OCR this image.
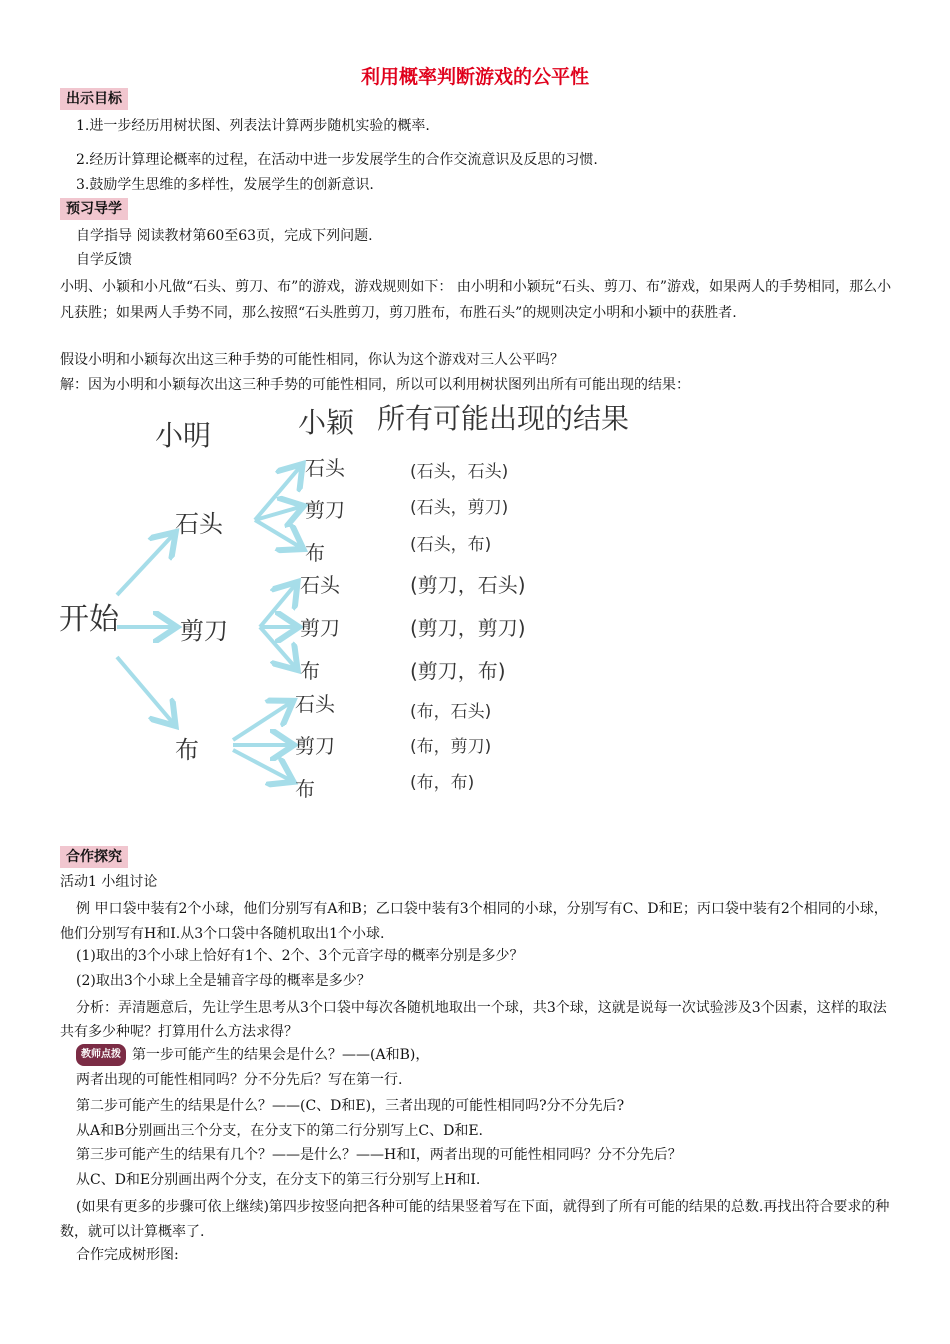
利用概率判断游戏的公平性
出示目标
1.进一步经历用树状图、列表法计算两步随机实验的概率.
2.经历计算理论概率的过程，在活动中进一步发展学生的合作交流意识及反思的习惯.
3.鼓励学生思维的多样性，发展学生的创新意识.
预习导学
自学指导 阅读教材第60至63页，完成下列问题.
自学反馈
小明、小颖和小凡做“石头、剪刀、布”的游戏，游戏规则如下： 由小明和小颖玩“石头、剪刀、布”游戏，如果两人的手势相同，那么小凡获胜；如果两人手势不同，那么按照“石头胜剪刀，剪刀胜布，布胜石头”的规则决定小明和小颖中的获胜者.
假设小明和小颖每次出这三种手势的可能性相同，你认为这个游戏对三人公平吗？
解：因为小明和小颖每次出这三种手势的可能性相同，所以可以利用树状图列出所有可能出现的结果：
小明	小颖 所有可能出现的结果
开始
石头
剪刀
布
石头
剪刀
布
石头
剪刀
布
石头
剪刀
布
(石头，石头)
(石头，剪刀)
(石头，布)
(剪刀，石头)
(剪刀，剪刀)
(剪刀，布)
(布，石头)
(布，剪刀)
(布，布)
合作探究
活动1 小组讨论
例 甲口袋中装有2个小球，他们分别写有A和B；乙口袋中装有3个相同的小球，分别写有C、D和E；丙口袋中装有2个相同的小球，他们分别写有H和I.从3个口袋中各随机取出1个小球.
(1)取出的3个小球上恰好有1个、2个、3个元音字母的概率分别是多少？
(2)取出3个小球上全是辅音字母的概率是多少？
分析：弄清题意后，先让学生思考从3个口袋中每次各随机地取出一个球，共3个球，这就是说每一次试验涉及3个因素，这样的取法共有多少种呢？打算用什么方法求得？
教师点拨 第一步可能产生的结果会是什么？——(A和B)，
两者出现的可能性相同吗？分不分先后？写在第一行.
第二步可能产生的结果是什么？——(C、D和E)，三者出现的可能性相同吗?分不分先后?
从A和B分别画出三个分支，在分支下的第二行分别写上C、D和E.
第三步可能产生的结果有几个？——是什么？——H和I，两者出现的可能性相同吗？分不分先后？
从C、D和E分别画出两个分支，在分支下的第三行分别写上H和I.
(如果有更多的步骤可依上继续)第四步按竖向把各种可能的结果竖着写在下面，就得到了所有可能的结果的总数.再找出符合要求的种数，就可以计算概率了.
合作完成树形图:
